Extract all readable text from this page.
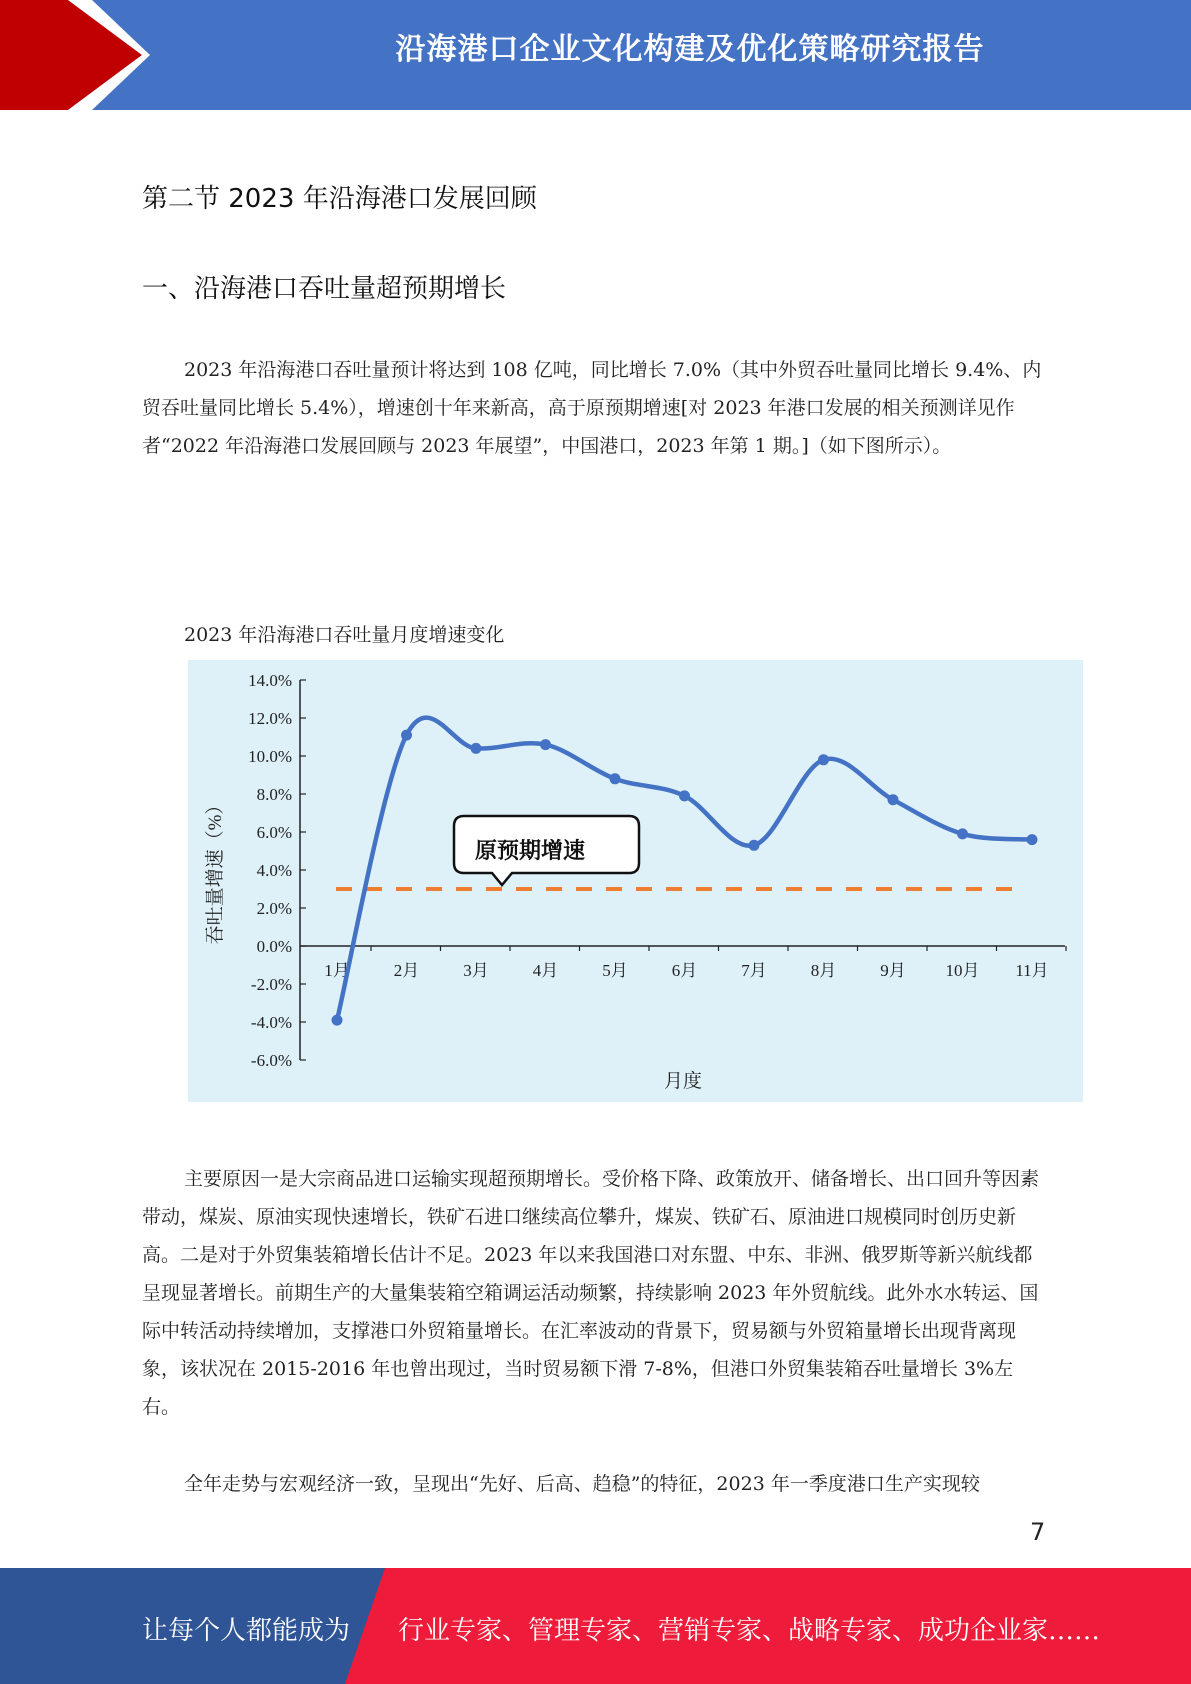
沿海港口企业文化构建及优化策略研究报告
第二节 2023 年沿海港口发展回顾
一、沿海港口吞吐量超预期增长

2023 年沿海港口吞吐量预计将达到 108 亿吨，同比增长 7.0%（其中外贸吞吐量同比增长 9.4%、内贸吞吐量同比增长 5.4%），增速创十年来新高，高于原预期增速[对 2023 年港口发展的相关预测详见作者“2022 年沿海港口发展回顾与 2023 年展望”，中国港口，2023 年第 1 期。]（如下图所示）。

2023 年沿海港口吞吐量月度增速变化
14.0%
12.0%
10.0%
8.0%
6.0%
4.0%
2.0%
0.0%
-2.0%
-4.0%
-6.0%
1月	2月	3月	4月	5月	6月	7月	8月	9月 10月 11月
月度
吞吐量增速（%）	原预期增速

主要原因一是大宗商品进口运输实现超预期增长。受价格下降、政策放开、储备增长、出口回升等因素带动，煤炭、原油实现快速增长，铁矿石进口继续高位攀升，煤炭、铁矿石、原油进口规模同时创历史新高。二是对于外贸集装箱增长估计不足。2023 年以来我国港口对东盟、中东、非洲、俄罗斯等新兴航线都呈现显著增长。前期生产的大量集装箱空箱调运活动频繁，持续影响 2023 年外贸航线。此外水水转运、国际中转活动持续增加，支撑港口外贸箱量增长。在汇率波动的背景下，贸易额与外贸箱量增长出现背离现象，该状况在 2015-2016 年也曾出现过，当时贸易额下滑 7-8%，但港口外贸集装箱吞吐量增长 3%左右。

全年走势与宏观经济一致，呈现出“先好、后高、趋稳”的特征，2023 年一季度港口生产实现较

7
让每个人都能成为 行业专家、管理专家、营销专家、战略专家、成功企业家……
